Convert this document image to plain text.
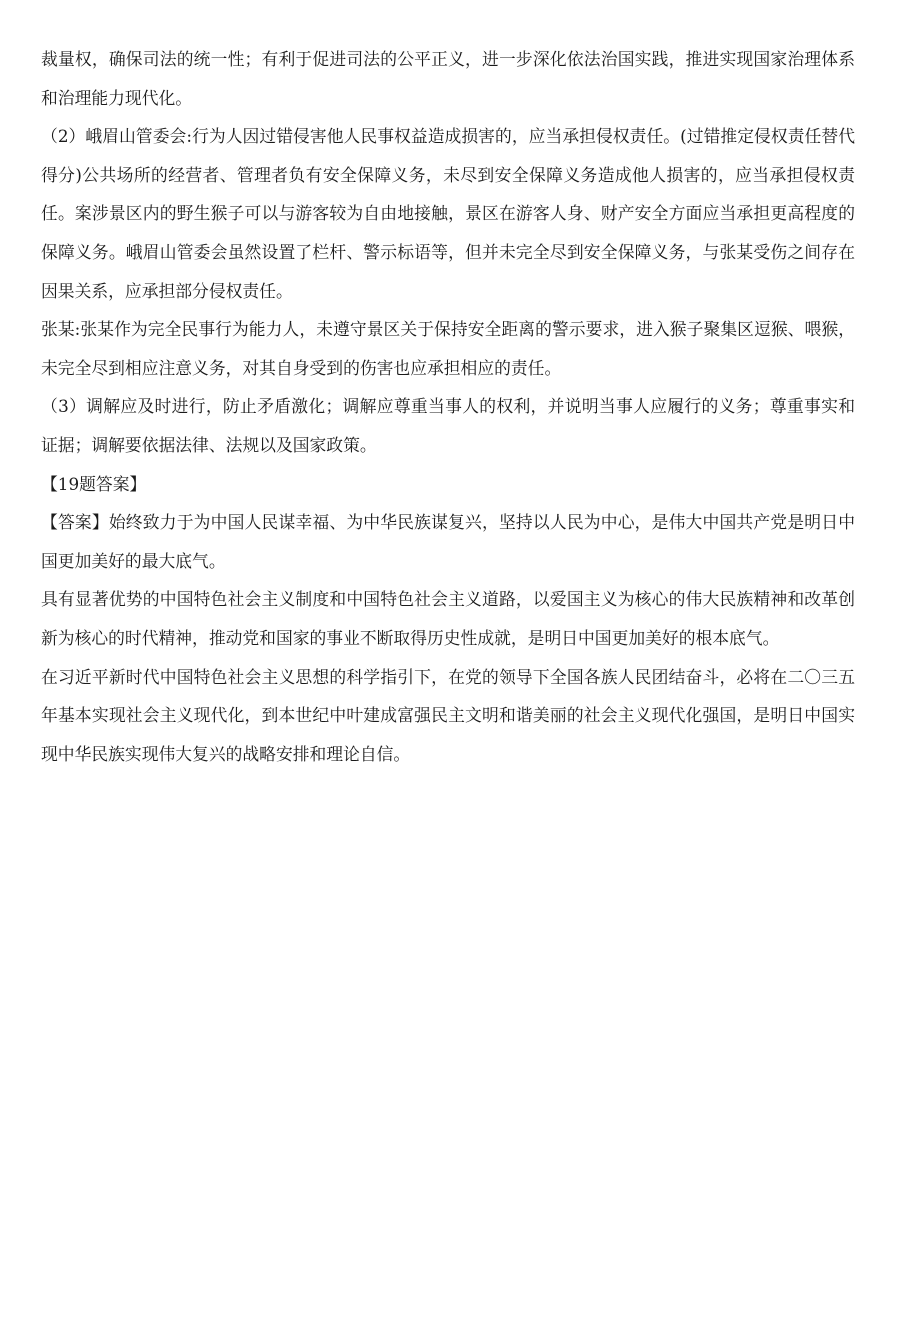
裁量权，确保司法的统一性；有利于促进司法的公平正义，进一步深化依法治国实践，推进实现国家治理体系和治理能力现代化。

（2）峨眉山管委会:行为人因过错侵害他人民事权益造成损害的，应当承担侵权责任。(过错推定侵权责任替代得分)公共场所的经营者、管理者负有安全保障义务，未尽到安全保障义务造成他人损害的，应当承担侵权责任。案涉景区内的野生猴子可以与游客较为自由地接触，景区在游客人身、财产安全方面应当承担更高程度的保障义务。峨眉山管委会虽然设置了栏杆、警示标语等，但并未完全尽到安全保障义务，与张某受伤之间存在因果关系，应承担部分侵权责任。

张某:张某作为完全民事行为能力人，未遵守景区关于保持安全距离的警示要求，进入猴子聚集区逗猴、喂猴，未完全尽到相应注意义务，对其自身受到的伤害也应承担相应的责任。

（3）调解应及时进行，防止矛盾激化；调解应尊重当事人的权利，并说明当事人应履行的义务；尊重事实和证据；调解要依据法律、法规以及国家政策。

【19题答案】

【答案】始终致力于为中国人民谋幸福、为中华民族谋复兴，坚持以人民为中心，是伟大中国共产党是明日中国更加美好的最大底气。

具有显著优势的中国特色社会主义制度和中国特色社会主义道路，以爱国主义为核心的伟大民族精神和改革创新为核心的时代精神，推动党和国家的事业不断取得历史性成就，是明日中国更加美好的根本底气。

在习近平新时代中国特色社会主义思想的科学指引下，在党的领导下全国各族人民团结奋斗，必将在二〇三五年基本实现社会主义现代化，到本世纪中叶建成富强民主文明和谐美丽的社会主义现代化强国，是明日中国实现中华民族实现伟大复兴的战略安排和理论自信。
